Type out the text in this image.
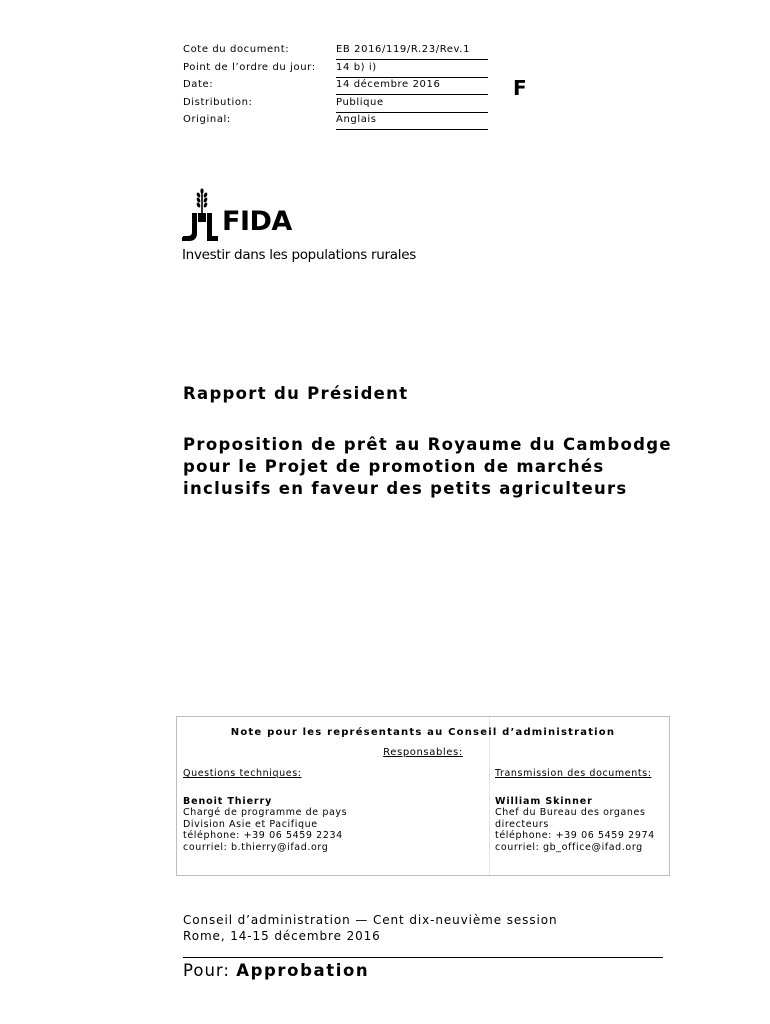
Cote du document:	EB 2016/119/R.23/Rev.1
Point de l’ordre du jour: 14 b) i)
Date:	14 décembre 2016
Distribution:	Publique
Original:	Anglais
F
FIDA
Investir dans les populations rurales
Rapport du Président
Proposition de prêt au Royaume du Cambodge
pour le Projet de promotion de marchés
inclusifs en faveur des petits agriculteurs
Note pour les représentants au Conseil d’administration
Responsables:
Questions techniques:
Benoit Thierry
Chargé de programme de pays
Division Asie et Pacifique
téléphone: +39 06 5459 2234
courriel: b.thierry@ifad.org
Transmission des documents:
William Skinner
Chef du Bureau des organes
directeurs
téléphone: +39 06 5459 2974
courriel: gb_office@ifad.org
Conseil d’administration — Cent dix-neuvième session
Rome, 14-15 décembre 2016
Pour: Approbation
